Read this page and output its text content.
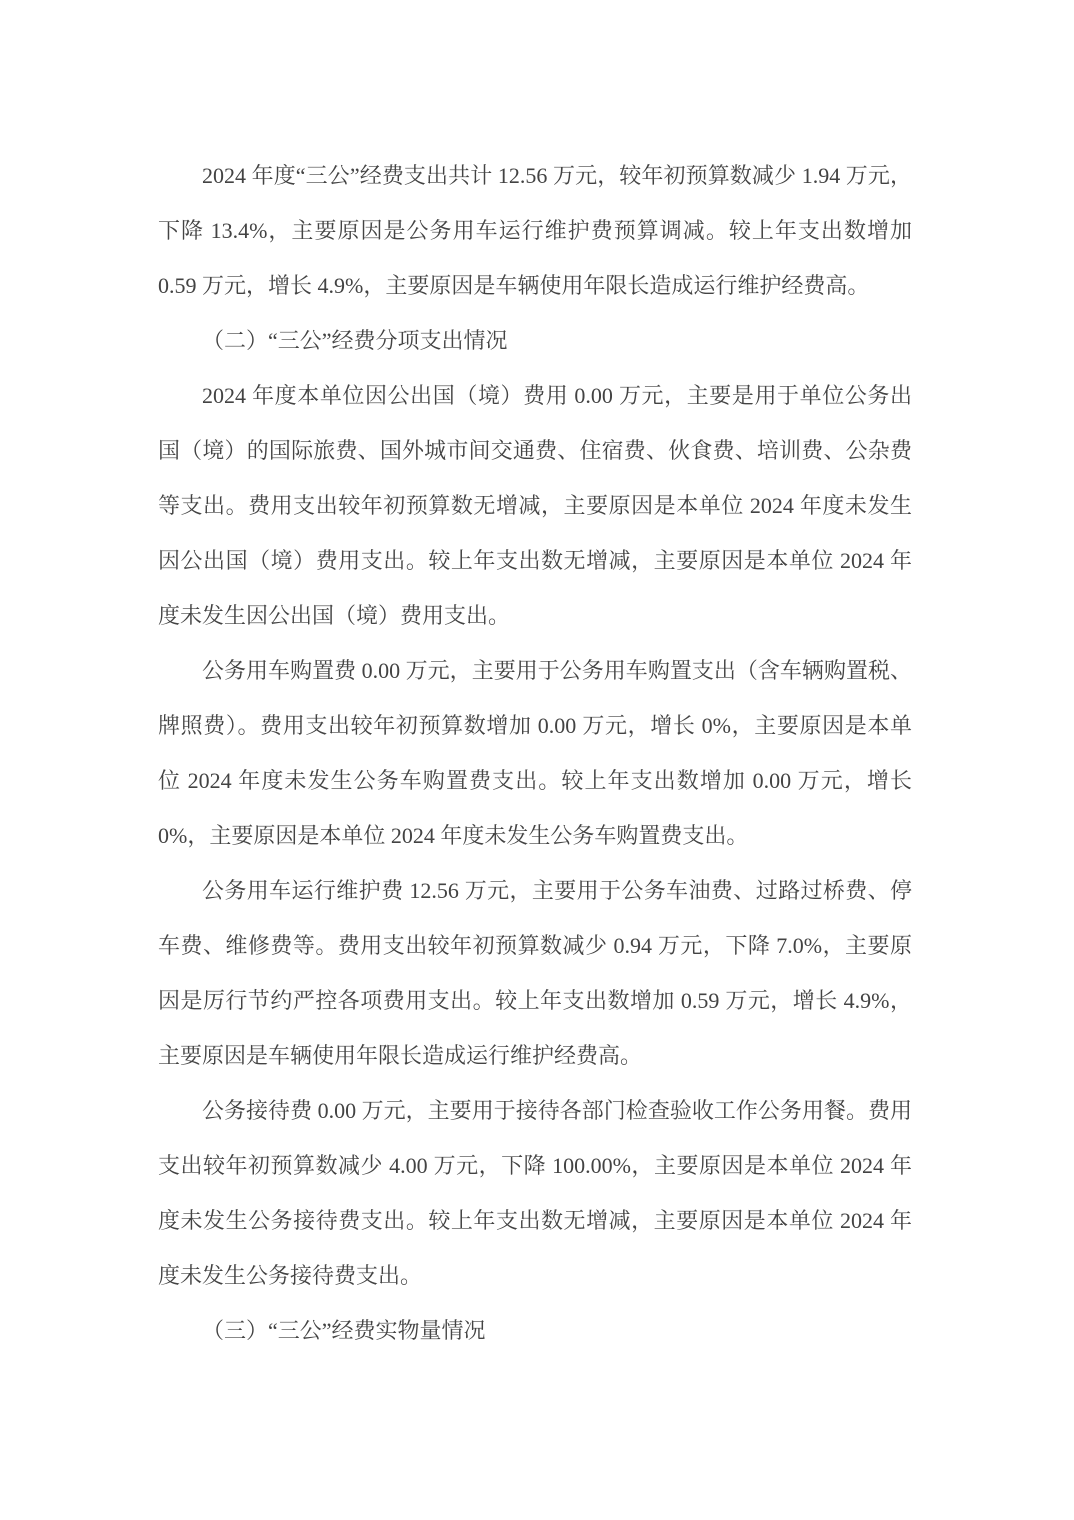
2024 年度“三公”经费支出共计 12.56 万元，较年初预算数减少 1.94 万元，下降 13.4%，主要原因是公务用车运行维护费预算调减。较上年支出数增加 0.59 万元，增长 4.9%，主要原因是车辆使用年限长造成运行维护经费高。

（二）“三公”经费分项支出情况

2024 年度本单位因公出国（境）费用 0.00 万元，主要是用于单位公务出国（境）的国际旅费、国外城市间交通费、住宿费、伙食费、培训费、公杂费等支出。费用支出较年初预算数无增减，主要原因是本单位 2024 年度未发生因公出国（境）费用支出。较上年支出数无增减，主要原因是本单位 2024 年度未发生因公出国（境）费用支出。

公务用车购置费 0.00 万元，主要用于公务用车购置支出（含车辆购置税、牌照费）。费用支出较年初预算数增加 0.00 万元，增长 0%，主要原因是本单位 2024 年度未发生公务车购置费支出。较上年支出数增加 0.00 万元，增长 0%，主要原因是本单位 2024 年度未发生公务车购置费支出。

公务用车运行维护费 12.56 万元，主要用于公务车油费、过路过桥费、停车费、维修费等。费用支出较年初预算数减少 0.94 万元，下降 7.0%，主要原因是厉行节约严控各项费用支出。较上年支出数增加 0.59 万元，增长 4.9%，主要原因是车辆使用年限长造成运行维护经费高。

公务接待费 0.00 万元，主要用于接待各部门检查验收工作公务用餐。费用支出较年初预算数减少 4.00 万元，下降 100.00%，主要原因是本单位 2024 年度未发生公务接待费支出。较上年支出数无增减，主要原因是本单位 2024 年度未发生公务接待费支出。

（三）“三公”经费实物量情况
